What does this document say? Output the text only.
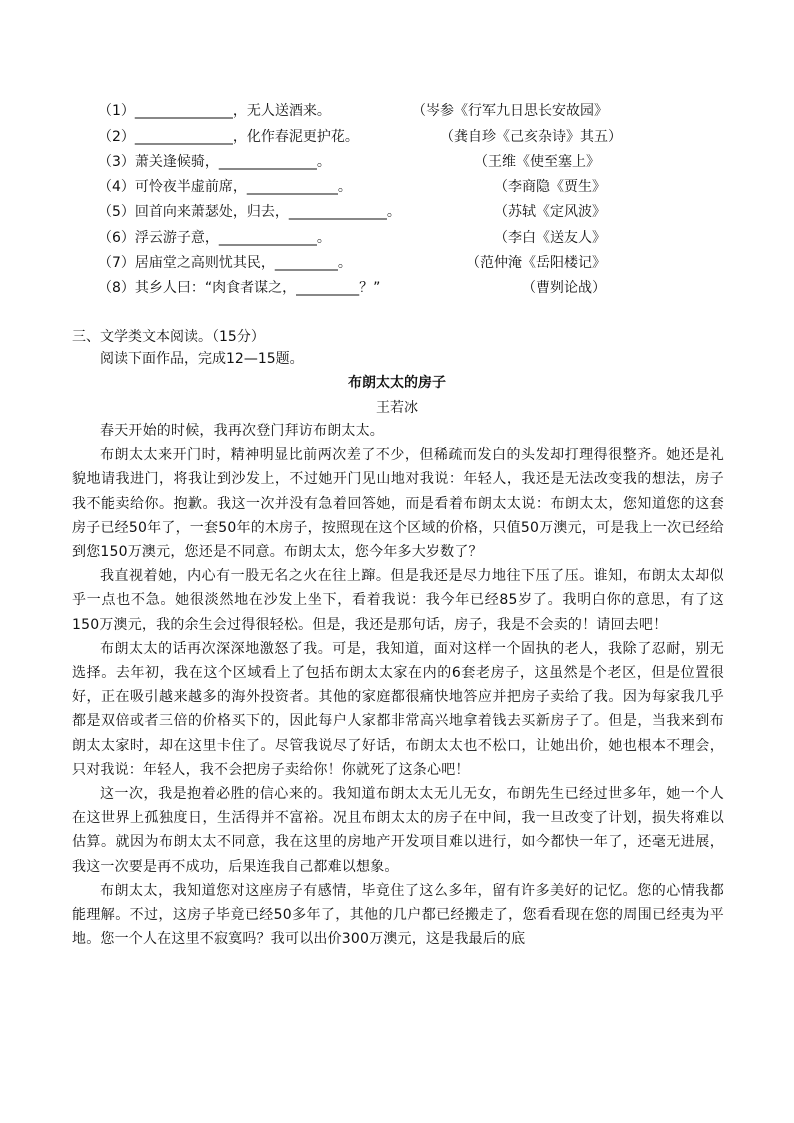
（1）______________，无人送酒来。	（岑参《行军九日思长安故园》
（2）______________，化作春泥更护花。	（龚自珍《己亥杂诗》其五）
（3）萧关逢候骑，______________。	（王维《使至塞上》
（4）可怜夜半虚前席，_____________。	（李商隐《贾生》
（5）回首向来萧瑟处，归去，______________。	（苏轼《定风波》
（6）浮云游子意，______________。	（李白《送友人》
（7）居庙堂之高则忧其民，_________。	（范仲淹《岳阳楼记》
（8）其乡人曰：“肉食者谋之，_________？”	（曹刿论战）
三、文学类文本阅读。（15分）
阅读下面作品，完成12—15题。
布朗太太的房子
王若冰

春天开始的时候，我再次登门拜访布朗太太。

布朗太太来开门时，精神明显比前两次差了不少，但稀疏而发白的头发却打理得很整齐。她还是礼貌地请我进门，将我让到沙发上，不过她开门见山地对我说：年轻人，我还是无法改变我的想法，房子我不能卖给你。抱歉。我这一次并没有急着回答她，而是看着布朗太太说：布朗太太，您知道您的这套房子已经50年了，一套50年的木房子，按照现在这个区域的价格，只值50万澳元，可是我上一次已经给到您150万澳元，您还是不同意。布朗太太，您今年多大岁数了？

我直视着她，内心有一股无名之火在往上蹿。但是我还是尽力地往下压了压。谁知，布朗太太却似乎一点也不急。她很淡然地在沙发上坐下，看着我说：我今年已经85岁了。我明白你的意思，有了这150万澳元，我的余生会过得很轻松。但是，我还是那句话，房子，我是不会卖的！请回去吧！

布朗太太的话再次深深地激怒了我。可是，我知道，面对这样一个固执的老人，我除了忍耐，别无选择。去年初，我在这个区域看上了包括布朗太太家在内的6套老房子，这虽然是个老区，但是位置很好，正在吸引越来越多的海外投资者。其他的家庭都很痛快地答应并把房子卖给了我。因为每家我几乎都是双倍或者三倍的价格买下的，因此每户人家都非常高兴地拿着钱去买新房子了。但是，当我来到布朗太太家时，却在这里卡住了。尽管我说尽了好话，布朗太太也不松口，让她出价，她也根本不理会，只对我说：年轻人，我不会把房子卖给你！你就死了这条心吧！

这一次，我是抱着必胜的信心来的。我知道布朗太太无儿无女，布朗先生已经过世多年，她一个人在这世界上孤独度日，生活得并不富裕。况且布朗太太的房子在中间，我一旦改变了计划，损失将难以估算。就因为布朗太太不同意，我在这里的房地产开发项目难以进行，如今都快一年了，还毫无进展，我这一次要是再不成功，后果连我自己都难以想象。

布朗太太，我知道您对这座房子有感情，毕竟住了这么多年，留有许多美好的记忆。您的心情我都能理解。不过，这房子毕竟已经50多年了，其他的几户都已经搬走了，您看看现在您的周围已经夷为平地。您一个人在这里不寂寞吗？我可以出价300万澳元，这是我最后的底
